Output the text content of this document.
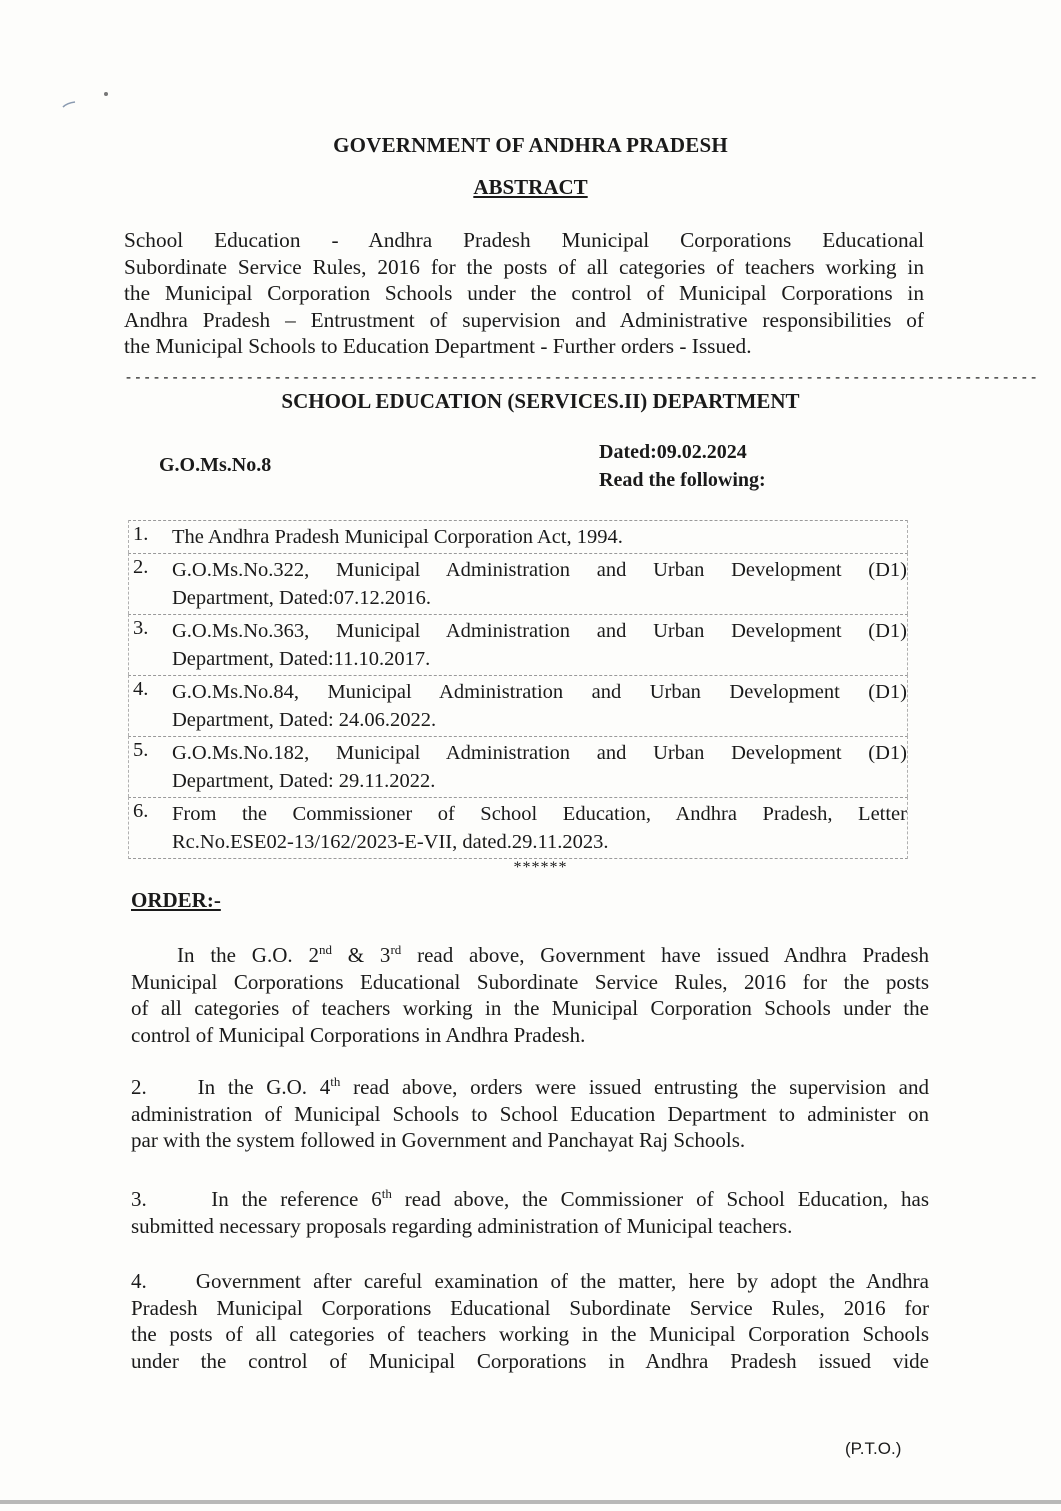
GOVERNMENT OF ANDHRA PRADESH
ABSTRACT
School Education - Andhra Pradesh Municipal Corporations Educational
Subordinate Service Rules, 2016 for the posts of all categories of teachers working in
the Municipal Corporation Schools under the control of Municipal Corporations in
Andhra Pradesh – Entrustment of supervision and Administrative responsibilities of
the Municipal Schools to Education Department - Further orders - Issued.
--------------------------------------------------------------------------------------------------
SCHOOL EDUCATION (SERVICES.II) DEPARTMENT
G.O.Ms.No.8
Dated:09.02.2024
Read the following:
1. The Andhra Pradesh Municipal Corporation Act, 1994.
2. G.O.Ms.No.322, Municipal Administration and Urban Development (D1)
Department, Dated:07.12.2016.
3. G.O.Ms.No.363, Municipal Administration and Urban Development (D1)
Department, Dated:11.10.2017.
4. G.O.Ms.No.84, Municipal Administration and Urban Development (D1)
Department, Dated: 24.06.2022.
5. G.O.Ms.No.182, Municipal Administration and Urban Development (D1)
Department, Dated: 29.11.2022.
6. From the Commissioner of School Education, Andhra Pradesh, Letter
Rc.No.ESE02-13/162/2023-E-VII, dated.29.11.2023.
******
ORDER:-
In the G.O. 2nd & 3rd read above, Government have issued Andhra Pradesh
Municipal Corporations Educational Subordinate Service Rules, 2016 for the posts
of all categories of teachers working in the Municipal Corporation Schools under the
control of Municipal Corporations in Andhra Pradesh.
2. In the G.O. 4th read above, orders were issued entrusting the supervision and
administration of Municipal Schools to School Education Department to administer on
par with the system followed in Government and Panchayat Raj Schools.
3.	In the reference 6th read above, the Commissioner of School Education, has
submitted necessary proposals regarding administration of Municipal teachers.
4. Government after careful examination of the matter, here by adopt the Andhra
Pradesh Municipal Corporations Educational Subordinate Service Rules, 2016 for
the posts of all categories of teachers working in the Municipal Corporation Schools
under the control of Municipal Corporations in Andhra Pradesh issued vide
(P.T.O.)
